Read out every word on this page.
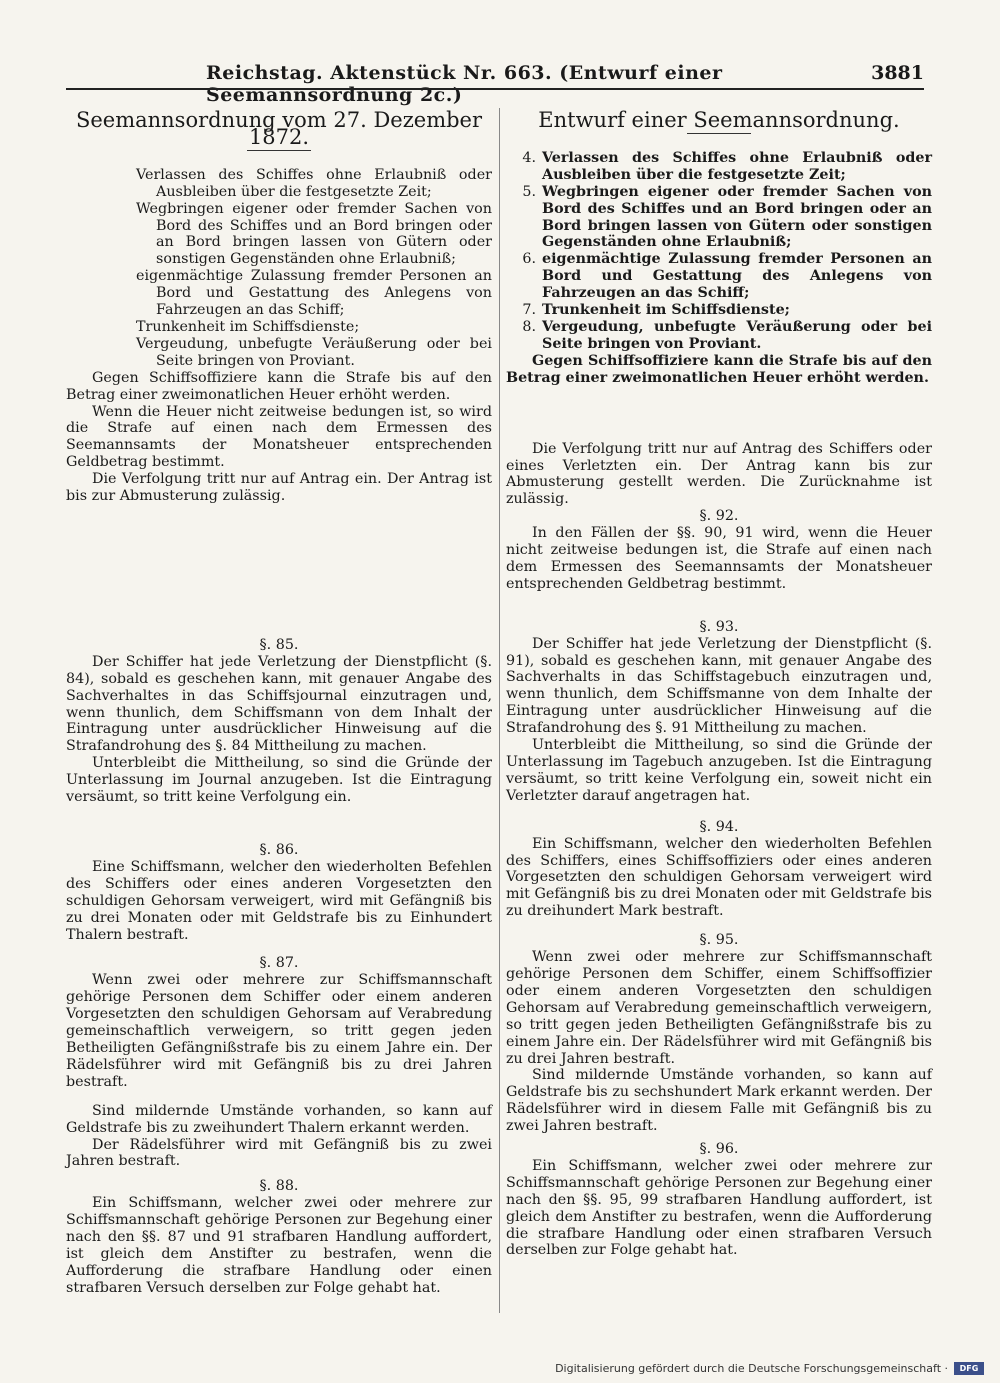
Reichstag. Aktenstück Nr. 663. (Entwurf einer Seemannsordnung 2c.)
3881
Seemannsordnung vom 27. Dezember 1872.
Verlassen des Schiffes ohne Erlaubniß oder Ausbleiben über die festgesetzte Zeit;
Wegbringen eigener oder fremder Sachen von Bord des Schiffes und an Bord bringen oder an Bord bringen lassen von Gütern oder sonstigen Gegenständen ohne Erlaubniß;
eigenmächtige Zulassung fremder Personen an Bord und Gestattung des Anlegens von Fahrzeugen an das Schiff;
Trunkenheit im Schiffsdienste;
Vergeudung, unbefugte Veräußerung oder bei Seite bringen von Proviant.

Gegen Schiffsoffiziere kann die Strafe bis auf den Betrag einer zweimonatlichen Heuer erhöht werden.

Wenn die Heuer nicht zeitweise bedungen ist, so wird die Strafe auf einen nach dem Ermessen des Seemannsamts der Monatsheuer entsprechenden Geldbetrag bestimmt.

Die Verfolgung tritt nur auf Antrag ein. Der Antrag ist bis zur Abmusterung zulässig.

§. 85.

Der Schiffer hat jede Verletzung der Dienstpflicht (§. 84), sobald es geschehen kann, mit genauer Angabe des Sachverhaltes in das Schiffsjournal einzutragen und, wenn thunlich, dem Schiffsmann von dem Inhalt der Eintragung unter ausdrücklicher Hinweisung auf die Strafandrohung des §. 84 Mittheilung zu machen.

Unterbleibt die Mittheilung, so sind die Gründe der Unterlassung im Journal anzugeben. Ist die Eintragung versäumt, so tritt keine Verfolgung ein.

§. 86.

Eine Schiffsmann, welcher den wiederholten Befehlen des Schiffers oder eines anderen Vorgesetzten den schuldigen Gehorsam verweigert, wird mit Gefängniß bis zu drei Monaten oder mit Geldstrafe bis zu Einhundert Thalern bestraft.

§. 87.

Wenn zwei oder mehrere zur Schiffsmannschaft gehörige Personen dem Schiffer oder einem anderen Vorgesetzten den schuldigen Gehorsam auf Verabredung gemeinschaftlich verweigern, so tritt gegen jeden Betheiligten Gefängnißstrafe bis zu einem Jahre ein. Der Rädelsführer wird mit Gefängniß bis zu drei Jahren bestraft.

Sind mildernde Umstände vorhanden, so kann auf Geldstrafe bis zu zweihundert Thalern erkannt werden.

Der Rädelsführer wird mit Gefängniß bis zu zwei Jahren bestraft.

§. 88.

Ein Schiffsmann, welcher zwei oder mehrere zur Schiffsmannschaft gehörige Personen zur Begehung einer nach den §§. 87 und 91 strafbaren Handlung auffordert, ist gleich dem Anstifter zu bestrafen, wenn die Aufforderung die strafbare Handlung oder einen strafbaren Versuch derselben zur Folge gehabt hat.

Entwurf einer Seemannsordnung.
4. Verlassen des Schiffes ohne Erlaubniß oder Ausbleiben über die festgesetzte Zeit;
5. Wegbringen eigener oder fremder Sachen von Bord des Schiffes und an Bord bringen oder an Bord bringen lassen von Gütern oder sonstigen Gegenständen ohne Erlaubniß;
6. eigenmächtige Zulassung fremder Personen an Bord und Gestattung des Anlegens von Fahrzeugen an das Schiff;
7. Trunkenheit im Schiffsdienste;
8. Vergeudung, unbefugte Veräußerung oder bei Seite bringen von Proviant.

Gegen Schiffsoffiziere kann die Strafe bis auf den Betrag einer zweimonatlichen Heuer erhöht werden.

Die Verfolgung tritt nur auf Antrag des Schiffers oder eines Verletzten ein. Der Antrag kann bis zur Abmusterung gestellt werden. Die Zurücknahme ist zulässig.

§. 92.

In den Fällen der §§. 90, 91 wird, wenn die Heuer nicht zeitweise bedungen ist, die Strafe auf einen nach dem Ermessen des Seemannsamts der Monatsheuer entsprechenden Geldbetrag bestimmt.

§. 93.

Der Schiffer hat jede Verletzung der Dienstpflicht (§. 91), sobald es geschehen kann, mit genauer Angabe des Sachverhalts in das Schiffstagebuch einzutragen und, wenn thunlich, dem Schiffsmanne von dem Inhalte der Eintragung unter ausdrücklicher Hinweisung auf die Strafandrohung des §. 91 Mittheilung zu machen.

Unterbleibt die Mittheilung, so sind die Gründe der Unterlassung im Tagebuch anzugeben. Ist die Eintragung versäumt, so tritt keine Verfolgung ein, soweit nicht ein Verletzter darauf angetragen hat.

§. 94.

Ein Schiffsmann, welcher den wiederholten Befehlen des Schiffers, eines Schiffsoffiziers oder eines anderen Vorgesetzten den schuldigen Gehorsam verweigert wird mit Gefängniß bis zu drei Monaten oder mit Geldstrafe bis zu dreihundert Mark bestraft.

§. 95.

Wenn zwei oder mehrere zur Schiffsmannschaft gehörige Personen dem Schiffer, einem Schiffsoffizier oder einem anderen Vorgesetzten den schuldigen Gehorsam auf Verabredung gemeinschaftlich verweigern, so tritt gegen jeden Betheiligten Gefängnißstrafe bis zu einem Jahre ein. Der Rädelsführer wird mit Gefängniß bis zu drei Jahren bestraft.

Sind mildernde Umstände vorhanden, so kann auf Geldstrafe bis zu sechshundert Mark erkannt werden. Der Rädelsführer wird in diesem Falle mit Gefängniß bis zu zwei Jahren bestraft.

§. 96.

Ein Schiffsmann, welcher zwei oder mehrere zur Schiffsmannschaft gehörige Personen zur Begehung einer nach den §§. 95, 99 strafbaren Handlung auffordert, ist gleich dem Anstifter zu bestrafen, wenn die Aufforderung die strafbare Handlung oder einen strafbaren Versuch derselben zur Folge gehabt hat.

Digitalisierung gefördert durch die Deutsche Forschungsgemeinschaft ·	DFG
